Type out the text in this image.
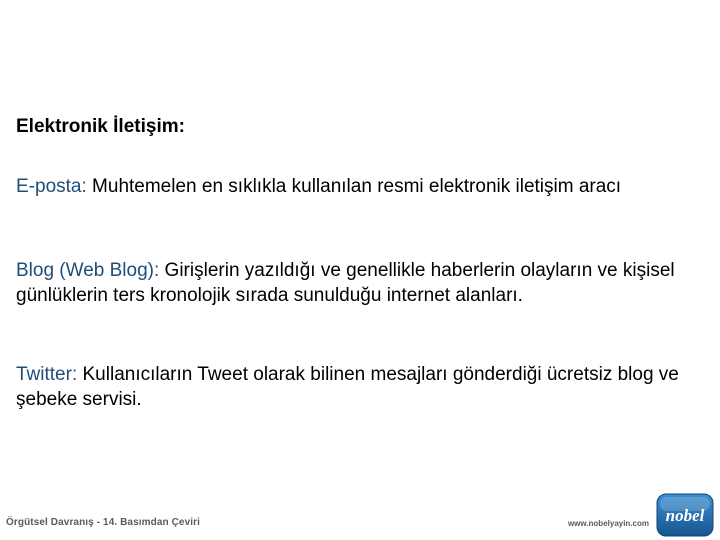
Elektronik İletişim:

E-posta: Muhtemelen en sıklıkla kullanılan resmi elektronik iletişim aracı

Blog (Web Blog): Girişlerin yazıldığı ve genellikle haberlerin olayların ve kişisel günlüklerin ters kronolojik sırada sunulduğu internet alanları.

Twitter: Kullanıcıların Tweet olarak bilinen mesajları gönderdiği ücretsiz blog ve şebeke servisi.

Örgütsel Davranış - 14. Basımdan Çeviri	www.nobelyayin.com nobel
